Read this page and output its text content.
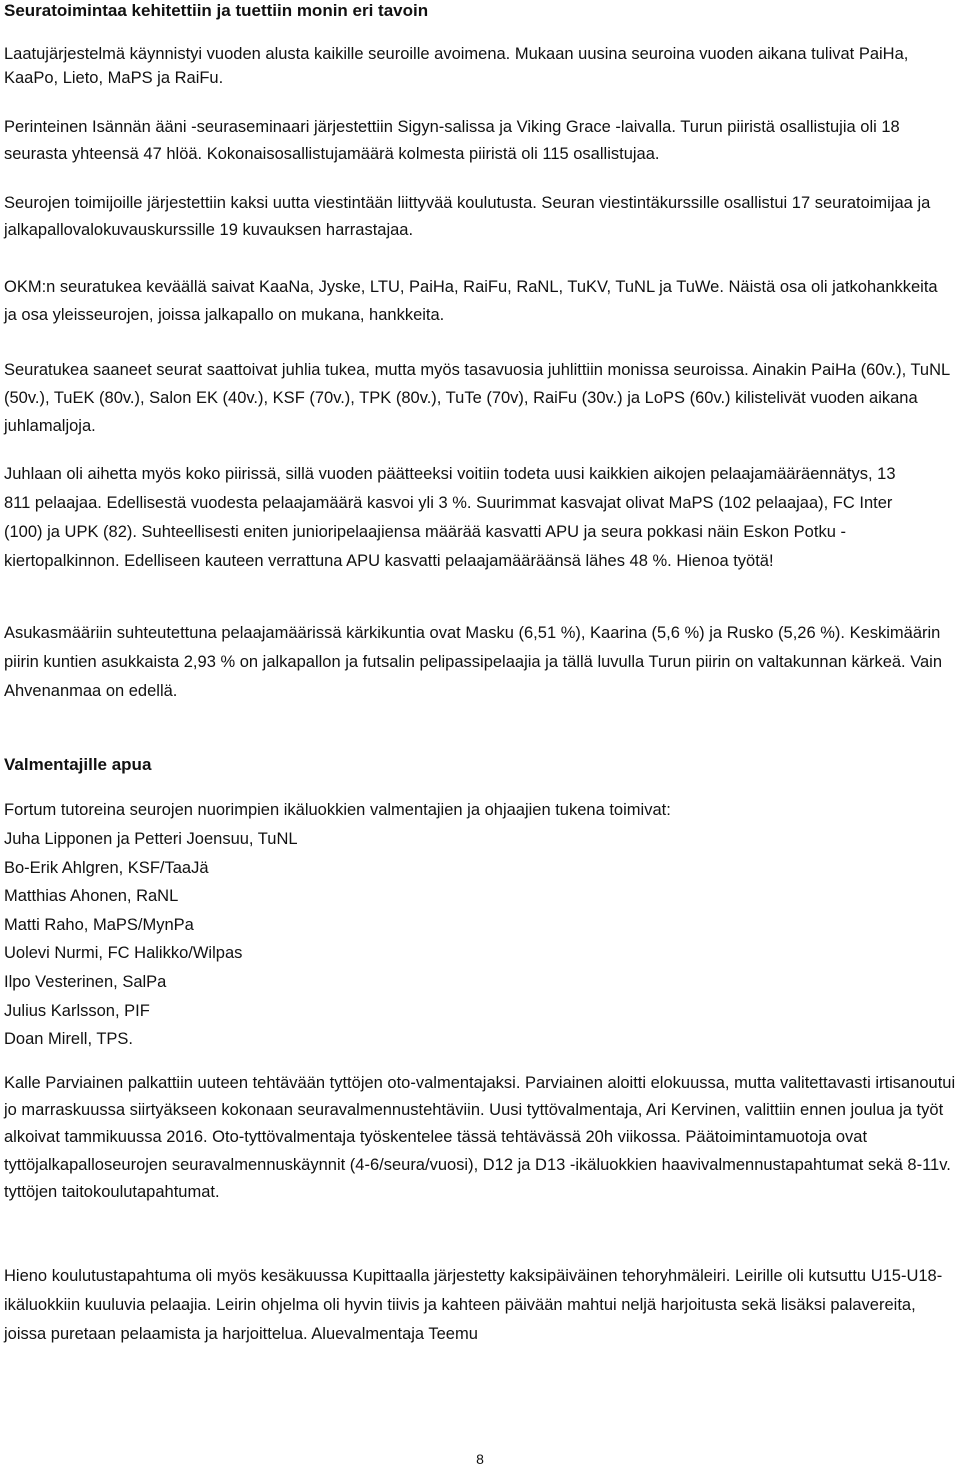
Seuratoimintaa kehitettiin ja tuettiin monin eri tavoin

Laatujärjestelmä käynnistyi vuoden alusta kaikille seuroille avoimena. Mukaan uusina seuroina vuoden aikana tulivat PaiHa, KaaPo, Lieto, MaPS ja RaiFu.

Perinteinen Isännän ääni -seuraseminaari järjestettiin Sigyn-salissa ja Viking Grace -laivalla. Turun piiristä osallistujia oli 18 seurasta yhteensä 47 hlöä. Kokonaisosallistujamäärä kolmesta piiristä oli 115 osallistujaa.

Seurojen toimijoille järjestettiin kaksi uutta viestintään liittyvää koulutusta. Seuran viestintäkurssille osallistui 17 seuratoimijaa ja jalkapallovalokuvauskurssille 19 kuvauksen harrastajaa.

OKM:n seuratukea keväällä saivat KaaNa, Jyske, LTU, PaiHa, RaiFu, RaNL, TuKV, TuNL ja TuWe. Näistä osa oli jatkohankkeita ja osa yleisseurojen, joissa jalkapallo on mukana, hankkeita.

Seuratukea saaneet seurat saattoivat juhlia tukea, mutta myös tasavuosia juhlittiin monissa seuroissa. Ainakin PaiHa (60v.), TuNL (50v.), TuEK (80v.), Salon EK (40v.), KSF (70v.), TPK (80v.), TuTe (70v), RaiFu (30v.) ja LoPS (60v.) kilistelivät vuoden aikana juhlamaljoja.

Juhlaan oli aihetta myös koko piirissä, sillä vuoden päätteeksi voitiin todeta uusi kaikkien aikojen pelaajamääräennätys, 13 811 pelaajaa. Edellisestä vuodesta pelaajamäärä kasvoi yli 3 %. Suurimmat kasvajat olivat MaPS (102 pelaajaa), FC Inter (100) ja UPK (82). Suhteellisesti eniten junioripelaajiensa määrää kasvatti APU ja seura pokkasi näin Eskon Potku -kiertopalkinnon. Edelliseen kauteen verrattuna APU kasvatti pelaajamääräänsä lähes 48 %. Hienoa työtä!

Asukasmääriin suhteutettuna pelaajamäärissä kärkikuntia ovat Masku (6,51 %), Kaarina (5,6 %) ja Rusko (5,26 %). Keskimäärin piirin kuntien asukkaista 2,93 % on jalkapallon ja futsalin pelipassipelaajia ja tällä luvulla Turun piirin on valtakunnan kärkeä. Vain Ahvenanmaa on edellä.

Valmentajille apua

Fortum tutoreina seurojen nuorimpien ikäluokkien valmentajien ja ohjaajien tukena toimivat:

Juha Lipponen ja Petteri Joensuu, TuNL
Bo-Erik Ahlgren, KSF/TaaJä
Matthias Ahonen, RaNL
Matti Raho, MaPS/MynPa
Uolevi Nurmi, FC Halikko/Wilpas
Ilpo Vesterinen, SalPa
Julius Karlsson, PIF
Doan Mirell, TPS.

Kalle Parviainen palkattiin uuteen tehtävään tyttöjen oto-valmentajaksi. Parviainen aloitti elokuussa, mutta valitettavasti irtisanoutui jo marraskuussa siirtyäkseen kokonaan seuravalmennustehtäviin. Uusi tyttövalmentaja, Ari Kervinen, valittiin ennen joulua ja työt alkoivat tammikuussa 2016. Oto-tyttövalmentaja työskentelee tässä tehtävässä 20h viikossa. Päätoimintamuotoja ovat tyttöjalkapalloseurojen seuravalmennuskäynnit (4-6/seura/vuosi), D12 ja D13 -ikäluokkien haavivalmennustapahtumat sekä 8-11v. tyttöjen taitokoulutapahtumat.

Hieno koulutustapahtuma oli myös kesäkuussa Kupittaalla järjestetty kaksipäiväinen tehoryhmäleiri. Leirille oli kutsuttu U15-U18-ikäluokkiin kuuluvia pelaajia. Leirin ohjelma oli hyvin tiivis ja kahteen päivään mahtui neljä harjoitusta sekä lisäksi palavereita, joissa puretaan pelaamista ja harjoittelua. Aluevalmentaja Teemu

8
